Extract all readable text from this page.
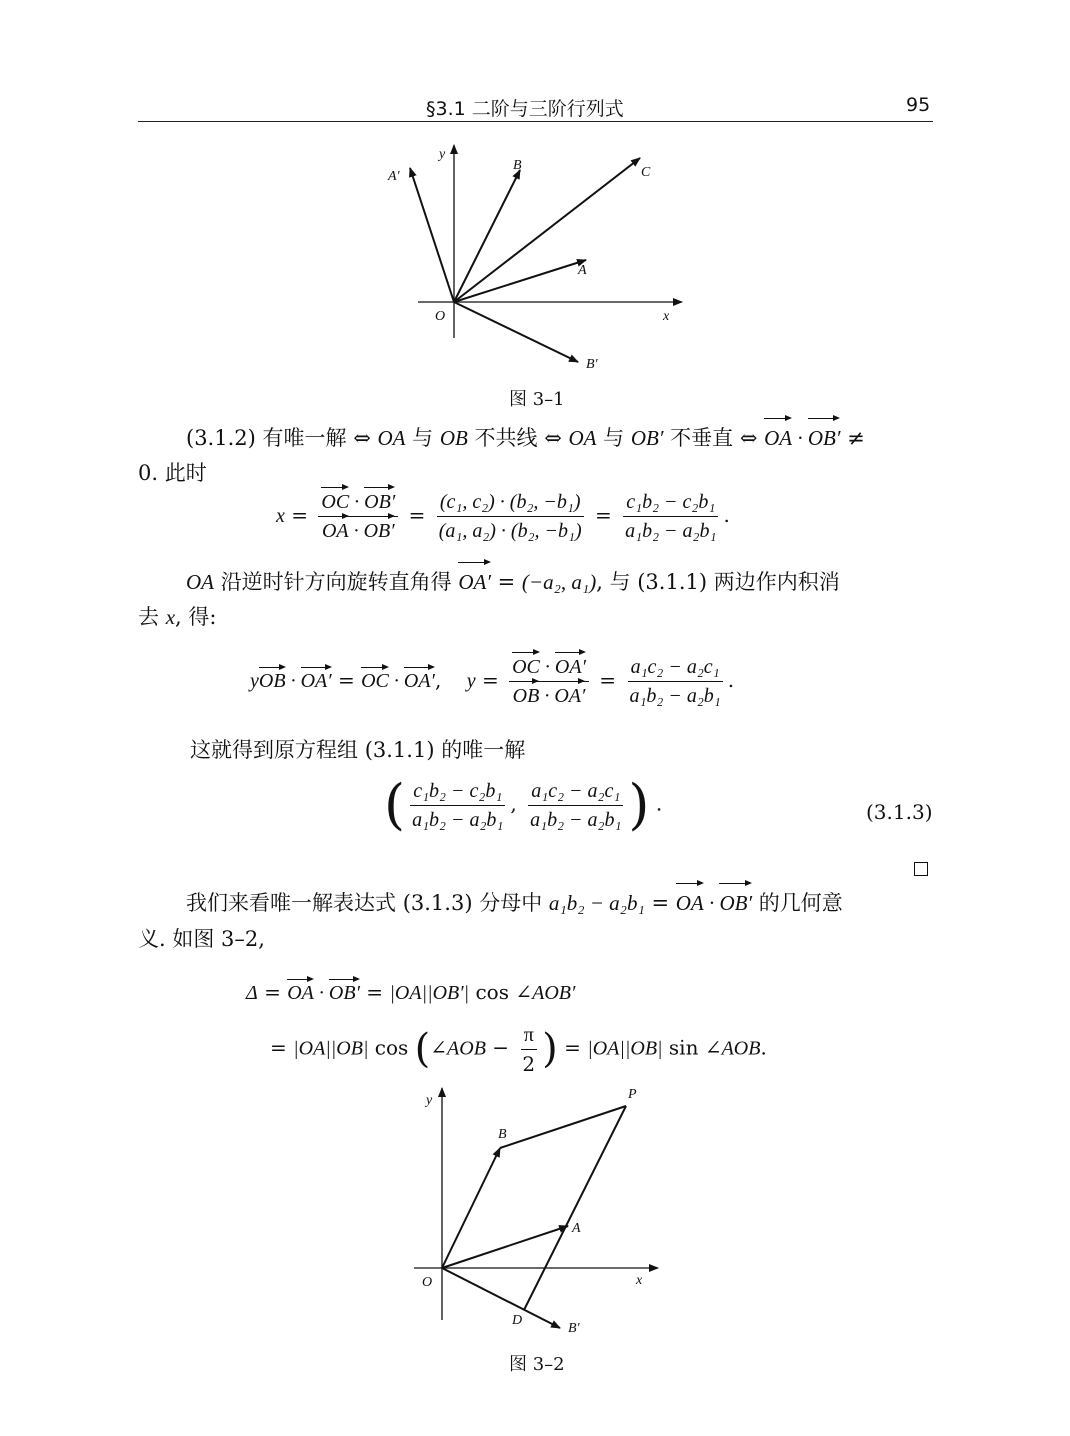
§3.1 二阶与三阶行列式	95
y
x
O
A
B	C
A′
B′
图 3–1
(3.1.2) 有唯一解 ⇔ OA 与 OB 不共线 ⇔ OA 与 OB′ 不垂直 ⇔ OA · OB′ ≠
0. 此时
$x = \frac{OC \cdot OB'}{OA \cdot OB'} = \frac{\text{(c₁, c₂) · (b₂, −b₁)}}{\text{(a₁, a₂) · (b₂, −b₁)}} = \frac{\text{c₁b₂ − c₂b₁}}{\text{a₁b₂ − a₂b₁}}$ .
OA 沿逆时针方向旋转直角得 OA′ = (−a₂, a₁), 与 (3.1.1) 两边作内积消
去 x, 得:
yOB · OA′ = OC · OA′,    $y = \frac{OC \cdot OA'}{OB \cdot OA'} = \frac{\text{a₁c₂ − a₂c₁}}{\text{a₁b₂ − a₂b₁}}$ .
这就得到原方程组 (3.1.1) 的唯一解
( $\frac{\text{c₁b₂ − c₂b₁}}{\text{a₁b₂ − a₂b₁}}$ , $\frac{\text{a₁c₂ − a₂c₁}}{\text{a₁b₂ − a₂b₁}}$ ) .	(3.1.3)
我们来看唯一解表达式 (3.1.3) 分母中 a₁b₂ − a₂b₁ = OA · OB′ 的几何意
义. 如图 3–2,
Δ = OA · OB′ = |OA||OB′| cos ∠AOB′
= |OA||OB| cos (∠AOB − $\frac{\pi}{2}$ ) = |OA||OB| sin ∠AOB.
y
x
O
B
P
A
D
B′
图 3–2
